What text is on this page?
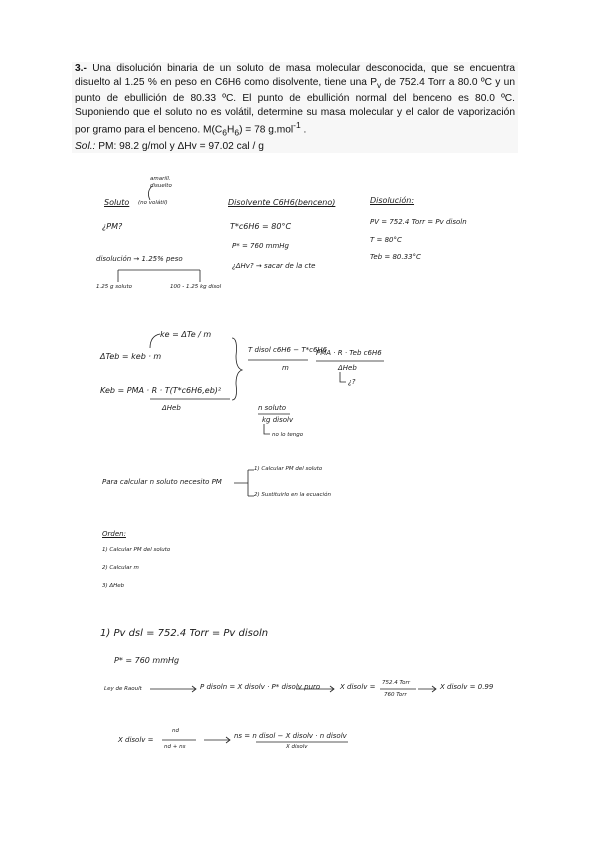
3.- Una disolución binaria de un soluto de masa molecular desconocida, que se encuentra disuelto al 1.25 % en peso en C6H6 como disolvente, tiene una $P_v$ de 752.4 Torr a 80.0 ºC y un punto de ebullición de 80.33 ºC. El punto de ebullición normal del benceno es 80.0 ºC. Suponiendo que el soluto no es volátil, determine su masa molecular y el calor de vaporización por gramo para el benceno. $M(C_6H_6) = 78$ g.mol$^{-1}$ .
Sol.: PM: 98.2 g/mol y ΔHv = 97.02 cal / g
Soluto (no volátil)
amarill. disuelto
¿PM?
disolución → 1.25% peso
1.25 g soluto	100 - 1.25 kg disol
Disolvente C6H6(benceno)
T*c6H6 = 80°C
P* = 760 mmHg
¿ΔHv? → sacar de la cte
Disolución:
PV = 752.4 Torr = Pv disoln
T = 80°C
Teb = 80.33°C
ke = ΔTe / m
ΔTeb = keb · m
Keb = PMA · R · T(T*c6H6,eb)²
ΔHeb
T disol c6H6 − T*c6H6
m
PMA · R · Teb c6H6
ΔHeb
¿?
n soluto
kg disolv
no lo tengo
Para calcular n soluto necesito PM
1) Calcular PM del soluto
2) Sustituirlo en la ecuación
Orden:
1) Calcular PM del soluto
2) Calcular m
3) ΔHeb
1) Pv dsl = 752.4 Torr = Pv disoln
P* = 760 mmHg
Ley de Raoult	P disoln = X disolv · P* disolv puro	X disolv = 752.4 Torr
760 Torr
X disolv = 0.99
X disolv =
nd
nd + ns
ns = n disol − X disolv · n disolv
X disolv
